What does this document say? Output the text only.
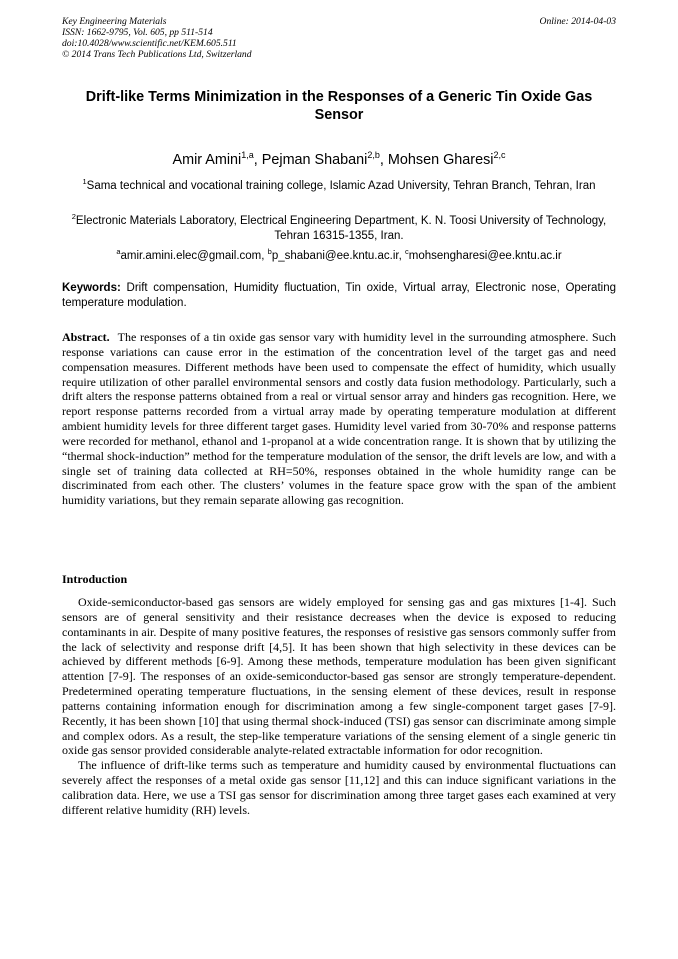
Key Engineering Materials
ISSN: 1662-9795, Vol. 605, pp 511-514
doi:10.4028/www.scientific.net/KEM.605.511
© 2014 Trans Tech Publications Ltd, Switzerland
Online: 2014-04-03
Drift-like Terms Minimization in the Responses of a Generic Tin Oxide Gas Sensor
Amir Amini$^{1,a}$, Pejman Shabani$^{2,b}$, Mohsen Gharesi$^{2,c}$
$^1$Sama technical and vocational training college, Islamic Azad University, Tehran Branch, Tehran, Iran
$^2$Electronic Materials Laboratory, Electrical Engineering Department, K. N. Toosi University of Technology, Tehran 16315-1355, Iran.
$^a$amir.amini.elec@gmail.com, $^b$p_shabani@ee.kntu.ac.ir, $^c$mohsengharesi@ee.kntu.ac.ir
Keywords: Drift compensation, Humidity fluctuation, Tin oxide, Virtual array, Electronic nose, Operating temperature modulation.
Abstract. The responses of a tin oxide gas sensor vary with humidity level in the surrounding atmosphere. Such response variations can cause error in the estimation of the concentration level of the target gas and need compensation measures. Different methods have been used to compensate the effect of humidity, which usually require utilization of other parallel environmental sensors and costly data fusion methodology. Particularly, such a drift alters the response patterns obtained from a real or virtual sensor array and hinders gas recognition. Here, we report response patterns recorded from a virtual array made by operating temperature modulation at different ambient humidity levels for three different target gases. Humidity level varied from 30-70% and response patterns were recorded for methanol, ethanol and 1-propanol at a wide concentration range. It is shown that by utilizing the “thermal shock-induction” method for the temperature modulation of the sensor, the drift levels are low, and with a single set of training data collected at RH=50%, responses obtained in the whole humidity range can be discriminated from each other. The clusters’ volumes in the feature space grow with the span of the ambient humidity variations, but they remain separate allowing gas recognition.
Introduction

Oxide-semiconductor-based gas sensors are widely employed for sensing gas and gas mixtures [1-4]. Such sensors are of general sensitivity and their resistance decreases when the device is exposed to reducing contaminants in air. Despite of many positive features, the responses of resistive gas sensors commonly suffer from the lack of selectivity and response drift [4,5]. It has been shown that high selectivity in these devices can be achieved by different methods [6-9]. Among these methods, temperature modulation has been given significant attention [7-9]. The responses of an oxide-semiconductor-based gas sensor are strongly temperature-dependent. Predetermined operating temperature fluctuations, in the sensing element of these devices, result in response patterns containing information enough for discrimination among a few single-component target gases [7-9]. Recently, it has been shown [10] that using thermal shock-induced (TSI) gas sensor can discriminate among simple and complex odors. As a result, the step-like temperature variations of the sensing element of a single generic tin oxide gas sensor provided considerable analyte-related extractable information for odor recognition.

The influence of drift-like terms such as temperature and humidity caused by environmental fluctuations can severely affect the responses of a metal oxide gas sensor [11,12] and this can induce significant variations in the calibration data. Here, we use a TSI gas sensor for discrimination among three target gases each examined at very different relative humidity (RH) levels.
